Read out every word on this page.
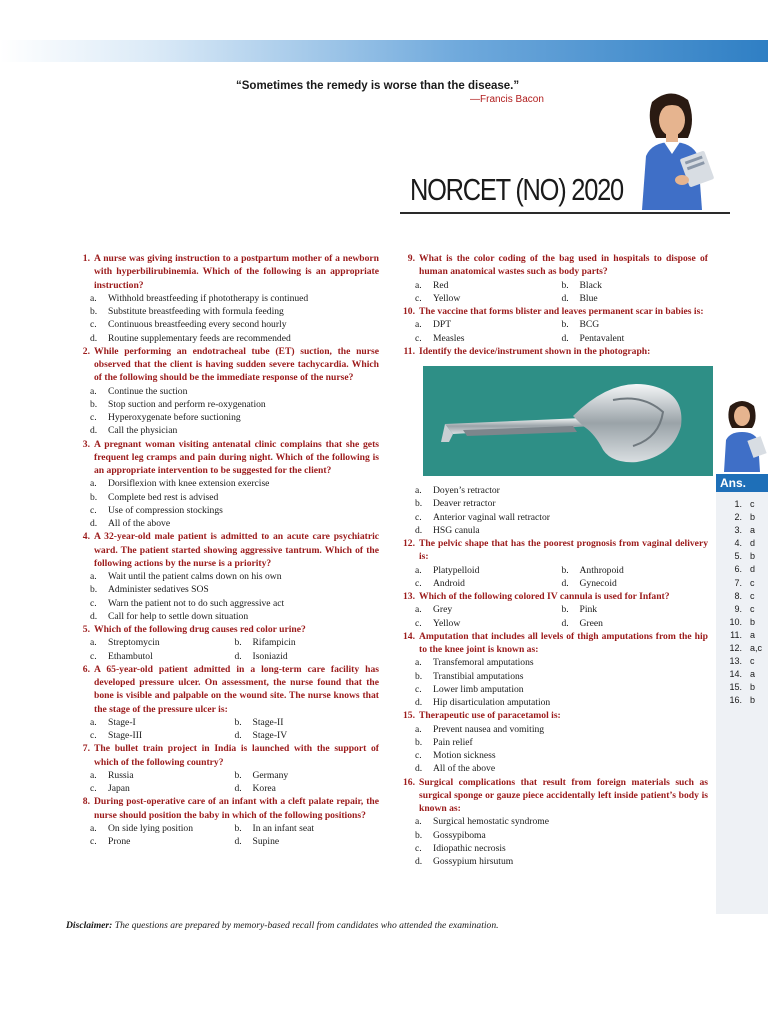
“Sometimes the remedy is worse than the disease.”
—Francis Bacon
NORCET (NO) 2020
1. A nurse was giving instruction to a postpartum mother of a newborn with hyperbilirubinemia. Which of the following is an appropriate instruction?
a.	Withhold breastfeeding if phototherapy is continued
b.	Substitute breastfeeding with formula feeding
c.	Continuous breastfeeding every second hourly
d.	Routine supplementary feeds are recommended
2. While performing an endotracheal tube (ET) suction, the nurse observed that the client is having sudden severe tachycardia. Which of the following should be the immediate response of the nurse?
a.	Continue the suction
b.	Stop suction and perform re-oxygenation
c.	Hyperoxygenate before suctioning
d.	Call the physician
3. A pregnant woman visiting antenatal clinic complains that she gets frequent leg cramps and pain during night. Which of the following is an appropriate intervention to be suggested for the client?
a.	Dorsiflexion with knee extension exercise
b.	Complete bed rest is advised
c.	Use of compression stockings
d.	All of the above
4. A 32-year-old male patient is admitted to an acute care psychiatric ward. The patient started showing aggressive tantrum. Which of the following actions by the nurse is a priority?
a.	Wait until the patient calms down on his own
b.	Administer sedatives SOS
c.	Warn the patient not to do such aggressive act
d.	Call for help to settle down situation
5. Which of the following drug causes red color urine?
a.	Streptomycin	b.	Rifampicin
c.	Ethambutol	d.	Isoniazid
6. A 65-year-old patient admitted in a long-term care facility has developed pressure ulcer. On assessment, the nurse found that the bone is visible and palpable on the wound site. The nurse knows that the stage of the pressure ulcer is:
a.	Stage-I	b.	Stage-II
c.	Stage-III	d.	Stage-IV
7. The bullet train project in India is launched with the support of which of the following country?
a.	Russia	b.	Germany
c.	Japan	d.	Korea
8. During post-operative care of an infant with a cleft palate repair, the nurse should position the baby in which of the following positions?
a.	On side lying position	b.	In an infant seat
c.	Prone	d.	Supine
9. What is the color coding of the bag used in hospitals to dispose of human anatomical wastes such as body parts?
a.	Red	b.	Black
c.	Yellow	d.	Blue
10. The vaccine that forms blister and leaves permanent scar in babies is:
a.	DPT	b.	BCG
c.	Measles	d.	Pentavalent
11. Identify the device/instrument shown in the photograph:
a.	Doyen’s retractor
b.	Deaver retractor
c.	Anterior vaginal wall retractor
d.	HSG canula
12. The pelvic shape that has the poorest prognosis from vaginal delivery is:
a.	Platypelloid	b.	Anthropoid
c.	Android	d.	Gynecoid
13. Which of the following colored IV cannula is used for Infant?
a.	Grey	b.	Pink
c.	Yellow	d.	Green
14. Amputation that includes all levels of thigh amputations from the hip to the knee joint is known as:
a.	Transfemoral amputations
b.	Transtibial amputations
c.	Lower limb amputation
d.	Hip disarticulation amputation
15. Therapeutic use of paracetamol is:
a.	Prevent nausea and vomiting
b.	Pain relief
c.	Motion sickness
d.	All of the above
16. Surgical complications that result from foreign materials such as surgical sponge or gauze piece accidentally left inside patient’s body is known as:
a.	Surgical hemostatic syndrome
b.	Gossypiboma
c.	Idiopathic necrosis
d.	Gossypium hirsutum
Ans.
1. c
2. b
3. a
4. d
5. b
6. d
7. c
8. c
9. c
10. b
11. a
12. a,c
13. c
14. a
15. b
16. b
Disclaimer: The questions are prepared by memory-based recall from candidates who attended the examination.
